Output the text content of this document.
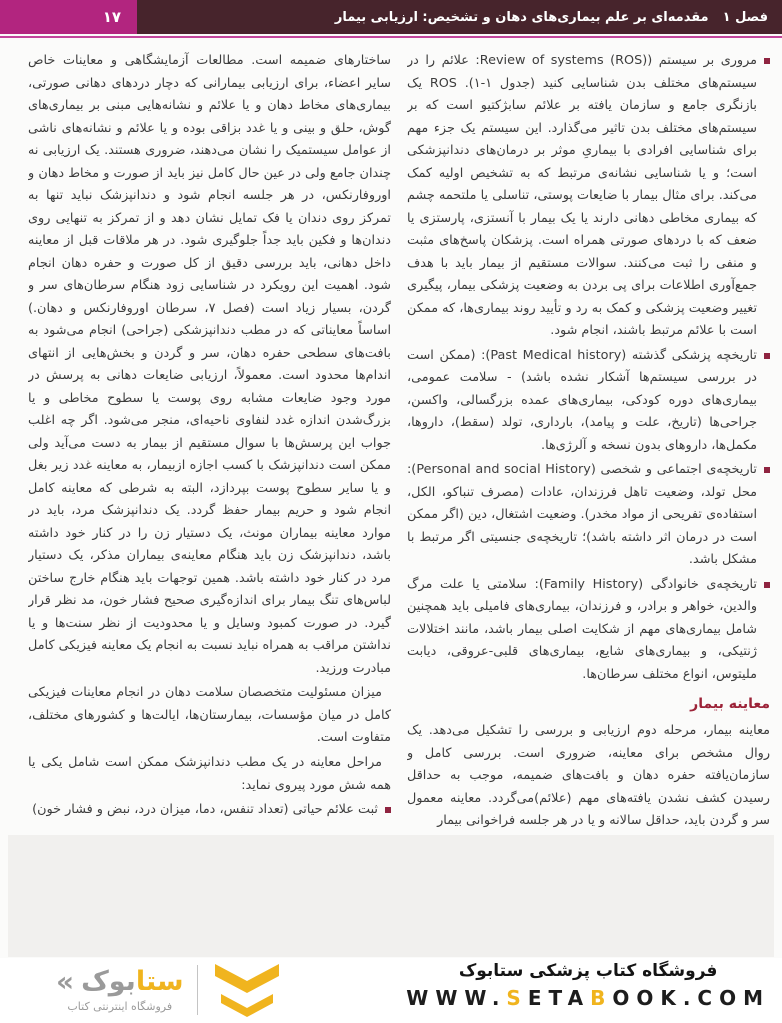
فصل ۱
مقدمه‌ای بر علم بیماری‌های دهان و تشخیص: ارزیابی بیمار
۱۷

ساختارهای ضمیمه است. مطالعات آزمایشگاهی و معاینات خاص سایر اعضاء، برای ارزیابی بیمارانی که دچار دردهای دهانی صورتی، بیماری‌های مخاط دهان و یا علائم و نشانه‌هایی مبنی بر بیماری‌های گوش، حلق و بینی و یا غدد بزاقی بوده و یا علائم و نشانه‌های ناشی از عوامل سیستمیک را نشان می‌دهند، ضروری هستند. یک ارزیابی نه چندان جامع ولی در عین حال کامل نیز باید از صورت و مخاط دهان و اوروفارنکس، در هر جلسه انجام شود و دندانپزشک نباید تنها به تمرکز روی دندان یا فک تمایل نشان دهد و از تمرکز به تنهایی روی دندان‌ها و فکین باید جداً جلوگیری شود. در هر ملاقات قبل از معاینه داخل دهانی، باید بررسی دقیق از کل صورت و حفره دهان انجام شود. اهمیت این رویکرد در شناسایی زود هنگام سرطان‌های سر و گردن، بسیار زیاد است (فصل ۷، سرطان اوروفارنکس و دهان.) اساساً معایناتی که در مطب دندانپزشکی (جراحی) انجام می‌شود به بافت‌های سطحی حفره دهان، سر و گردن و بخش‌هایی از انتهای اندام‌ها محدود است. معمولاً، ارزیابی ضایعات دهانی به پرسش در مورد وجود ضایعات مشابه روی پوست یا سطوح مخاطی و یا بزرگ‌شدن اندازه غدد لنفاوی ناحیه‌ای، منجر می‌شود. اگر چه اغلب جواب این پرسش‌ها با سوال مستقیم از بیمار به دست می‌آید ولی ممکن است دندانپزشک با کسب اجازه ازبیمار، به معاینه غدد زیر بغل و یا سایر سطوح پوست بپردازد، البته به شرطی که معاینه کامل انجام شود و حریم بیمار حفظ گردد. یک دندانپزشک مرد، باید در موارد معاینه بیماران مونث، یک دستیار زن را در کنار خود داشته باشد، دندانپزشک زن باید هنگام معاینه‌ی بیماران مذکر، یک دستیار مرد در کنار خود داشته باشد. همین توجهات باید هنگام خارج ساختن لباس‌های تنگ بیمار برای اندازه‌گیری صحیح فشار خون، مد نظر قرار گیرد. در صورت کمبود وسایل و یا محدودیت از نظر سنت‌ها و یا نداشتن مراقب به همراه نباید نسبت به انجام یک معاینه فیزیکی کامل مبادرت ورزید.

میزان مسئولیت متخصصان سلامت دهان در انجام معاینات فیزیکی کامل در میان مؤسسات، بیمارستان‌ها، ایالت‌ها و کشورهای مختلف، متفاوت است.

مراحل معاینه در یک مطب دندانپزشک ممکن است شامل یکی یا همه شش مورد پیروی نماید:

ثبت علائم حیاتی (تعداد تنفس، دما، میزان درد، نبض و فشار خون)

مروری بر سیستم (Review of systems (ROS): علائم را در سیستم‌های مختلف بدن شناسایی کنید (جدول ۱-۱). ROS یک بازنگری جامع و سازمان یافته بر علائم سابژکتیو است که بر سیستم‌های مختلف بدن تاثیر می‌گذارد. این سیستم یک جزء مهم برای شناسایی افرادی با بیماریِ موثر بر درمان‌های دندانپزشکی است؛ و یا شناسایی نشانه‌ی مرتبط که به تشخیص اولیه کمک می‌کند. برای مثال بیمار با ضایعات پوستی، تناسلی یا ملتحمه چشم که بیماری مخاطی دهانی دارند یا یک بیمار با آنستزی، پارستزی یا ضعف که با دردهای صورتی همراه است. پزشکان پاسخ‌های مثبت و منفی را ثبت می‌کنند. سوالات مستقیم از بیمار باید با هدف جمع‌آوری اطلاعات برای پی بردن به وضعیت پزشکی بیمار، پیگیری تغییر وضعیت پزشکی و کمک به رد و تأیید روند بیماری‌ها، که ممکن است با علائم مرتبط باشند، انجام شود.

تاریخچه پزشکی گذشته (Past Medical history): (ممکن است در بررسی سیستم‌ها آشکار نشده باشد) - سلامت عمومی، بیماری‌های دوره کودکی، بیماری‌های عمده بزرگسالی، واکسن، جراحی‌ها (تاریخ، علت و پیامد)، بارداری، تولد (سقط)، داروها، مکمل‌ها، داروهای بدون نسخه و آلرژی‌ها.

تاریخچه‌ی اجتماعی و شخصی (Personal and social History): محل تولد، وضعیت تاهل فرزندان، عادات (مصرف تنباکو، الکل، استفاده‌ی تفریحی از مواد مخدر). وضعیت اشتغال، دین (اگر ممکن است در درمان اثر داشته باشد)؛ تاریخچه‌ی جنسیتی اگر مرتبط با مشکل باشد.

تاریخچه‌ی خانوادگی (Family History): سلامتی یا علت مرگ والدین، خواهر و برادر، و فرزندان، بیماری‌های فامیلی باید همچنین شامل بیماری‌های مهم از شکایت اصلی بیمار باشد، مانند اختلالات ژنتیکی، و بیماری‌های شایع، بیماری‌های قلبی-عروقی، دیابت ملیتوس، انواع مختلف سرطان‌ها.

معاینه بیمار

معاینه بیمار، مرحله دوم ارزیابی و بررسی را تشکیل می‌دهد. یک روال مشخص برای معاینه، ضروری است. بررسی کامل و سازمان‌یافته حفره دهان و بافت‌های ضمیمه، موجب به حداقل رسیدن کشف نشدن یافته‌های مهم (علائم)می‌گردد. معاینه معمول سر و گردن باید، حداقل سالانه و یا در هر جلسه فراخوانی بیمار

«	ستابوک
فروشگاه اینترنتی کتاب
فروشگاه کتاب پزشکی ستابوک
WWW.SETABOOK.COM
